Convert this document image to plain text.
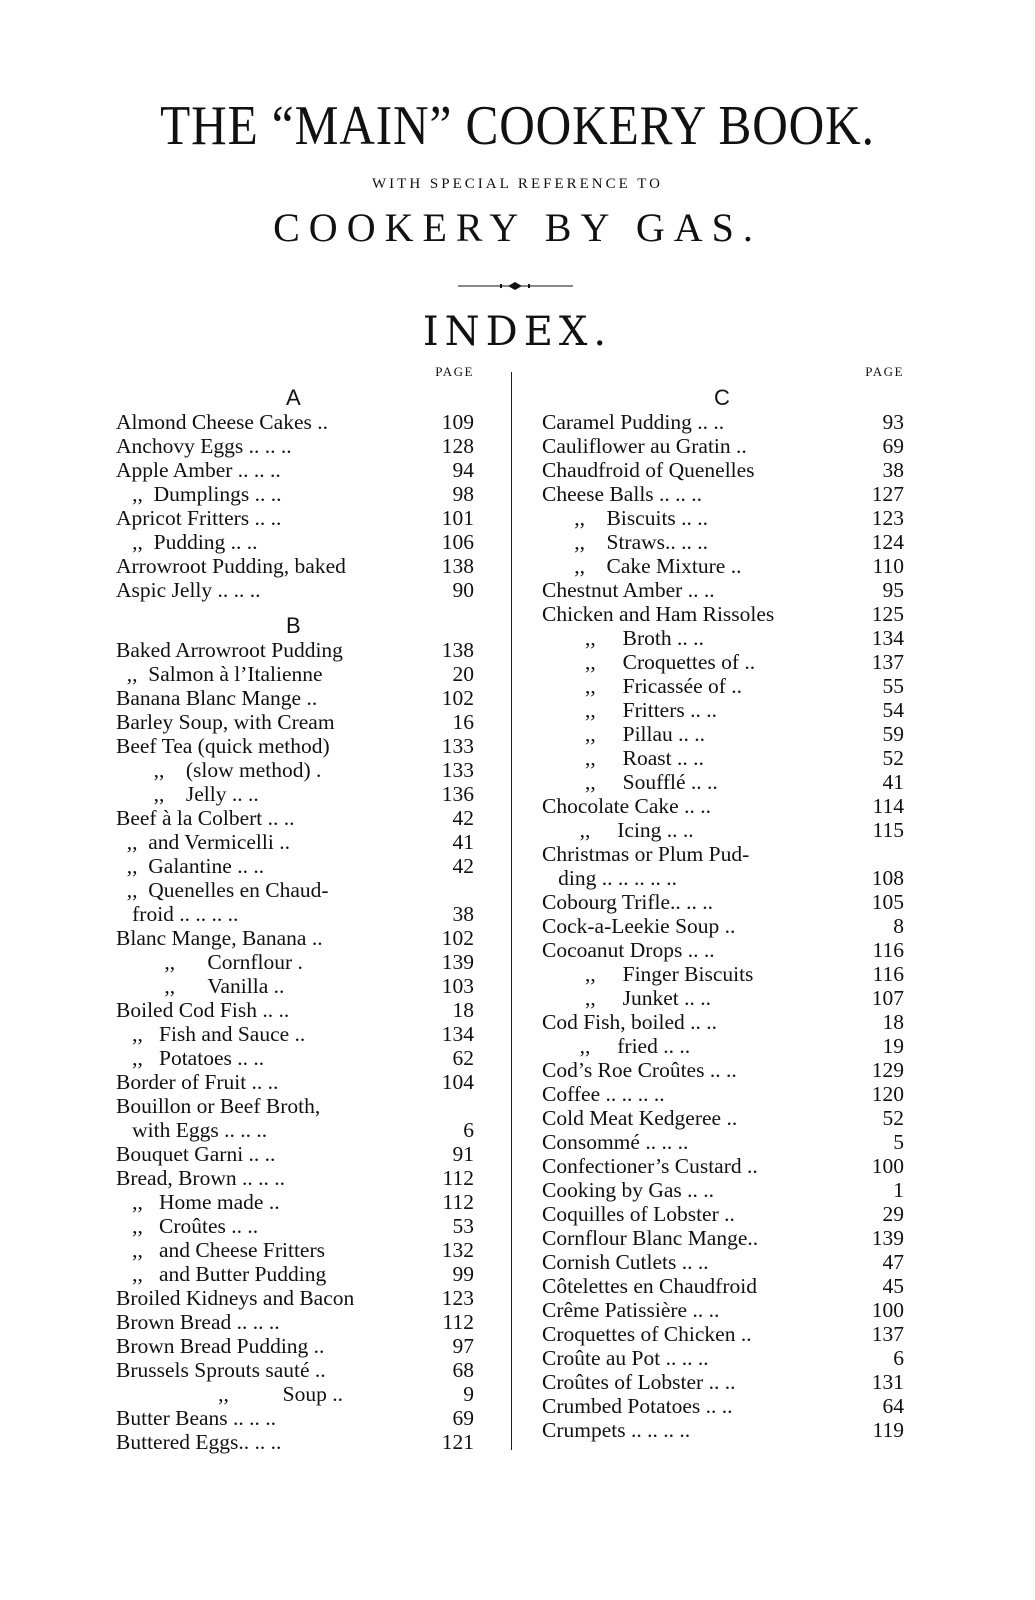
THE “MAIN” COOKERY BOOK.
WITH SPECIAL REFERENCE TO
COOKERY BY GAS.
INDEX.
PAGE
A
Almond Cheese Cakes ..	109
Anchovy Eggs .. .. ..	128
Apple Amber .. .. ..	94
,,  Dumplings .. ..	98
Apricot Fritters .. ..	101
,,  Pudding .. ..	106
Arrowroot Pudding, baked	138
Aspic Jelly .. .. ..	90
B
Baked Arrowroot Pudding	138
,,  Salmon à l’Italienne	20
Banana Blanc Mange ..	102
Barley Soup, with Cream	16
Beef Tea (quick method)	133
,,    (slow method) .	133
,,    Jelly .. ..	136
Beef à la Colbert .. ..	42
,,  and Vermicelli ..	41
,,  Galantine .. ..	42
,,  Quenelles en Chaud-
froid .. .. .. ..	38
Blanc Mange, Banana ..	102
,,      Cornflour .	139
,,      Vanilla ..	103
Boiled Cod Fish .. ..	18
,,   Fish and Sauce ..	134
,,   Potatoes .. ..	62
Border of Fruit .. ..	104
Bouillon or Beef Broth,
with Eggs .. .. ..	6
Bouquet Garni .. ..	91
Bread, Brown .. .. ..	112
,,   Home made ..	112
,,   Croûtes .. ..	53
,,   and Cheese Fritters	132
,,   and Butter Pudding	99
Broiled Kidneys and Bacon	123
Brown Bread .. .. ..	112
Brown Bread Pudding ..	97
Brussels Sprouts sauté ..	68
,,          Soup ..	9
Butter Beans .. .. ..	69
Buttered Eggs.. .. ..	121
PAGE
C
Caramel Pudding .. ..	93
Cauliflower au Gratin ..	69
Chaudfroid of Quenelles	38
Cheese Balls .. .. ..	127
,,    Biscuits .. ..	123
,,    Straws.. .. ..	124
,,    Cake Mixture ..	110
Chestnut Amber .. ..	95
Chicken and Ham Rissoles	125
,,     Broth .. ..	134
,,     Croquettes of ..	137
,,     Fricassée of ..	55
,,     Fritters .. ..	54
,,     Pillau .. ..	59
,,     Roast .. ..	52
,,     Soufflé .. ..	41
Chocolate Cake .. ..	114
,,     Icing .. ..	115
Christmas or Plum Pud-
ding .. .. .. .. ..	108
Cobourg Trifle.. .. ..	105
Cock-a-Leekie Soup ..	8
Cocoanut Drops .. ..	116
,,     Finger Biscuits	116
,,     Junket .. ..	107
Cod Fish, boiled .. ..	18
,,     fried .. ..	19
Cod’s Roe Croûtes .. ..	129
Coffee .. .. .. ..	120
Cold Meat Kedgeree ..	52
Consommé .. .. ..	5
Confectioner’s Custard ..	100
Cooking by Gas .. ..	1
Coquilles of Lobster ..	29
Cornflour Blanc Mange..	139
Cornish Cutlets .. ..	47
Côtelettes en Chaudfroid	45
Crême Patissière .. ..	100
Croquettes of Chicken ..	137
Croûte au Pot .. .. ..	6
Croûtes of Lobster .. ..	131
Crumbed Potatoes .. ..	64
Crumpets .. .. .. ..	119
